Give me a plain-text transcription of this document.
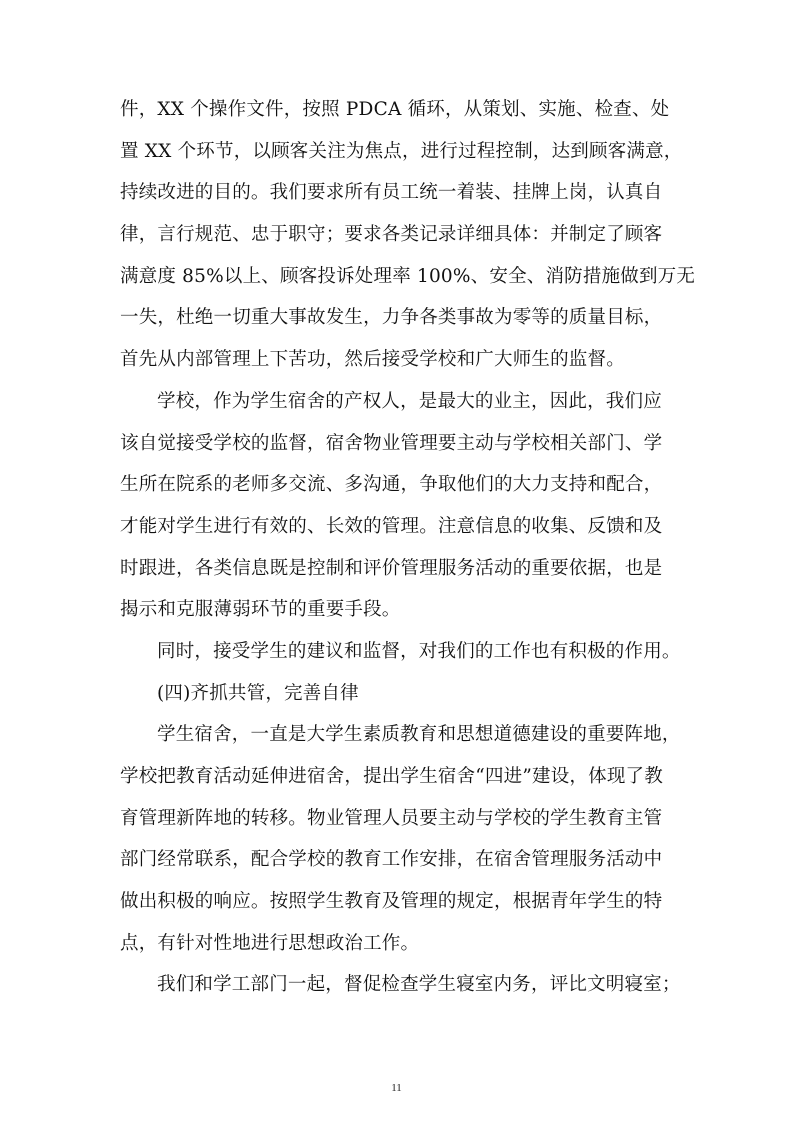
件，XX 个操作文件，按照 PDCA 循环，从策划、实施、检查、处
置 XX 个环节，以顾客关注为焦点，进行过程控制，达到顾客满意，
持续改进的目的。我们要求所有员工统一着装、挂牌上岗，认真自
律，言行规范、忠于职守；要求各类记录详细具体：并制定了顾客
满意度 85%以上、顾客投诉处理率 100%、安全、消防措施做到万无
一失，杜绝一切重大事故发生，力争各类事故为零等的质量目标，
首先从内部管理上下苦功，然后接受学校和广大师生的监督。
学校，作为学生宿舍的产权人，是最大的业主，因此，我们应
该自觉接受学校的监督，宿舍物业管理要主动与学校相关部门、学
生所在院系的老师多交流、多沟通，争取他们的大力支持和配合，
才能对学生进行有效的、长效的管理。注意信息的收集、反馈和及
时跟进，各类信息既是控制和评价管理服务活动的重要依据，也是
揭示和克服薄弱环节的重要手段。
同时，接受学生的建议和监督，对我们的工作也有积极的作用。
(四)齐抓共管，完善自律
学生宿舍，一直是大学生素质教育和思想道德建设的重要阵地，
学校把教育活动延伸进宿舍，提出学生宿舍“四进”建设，体现了教
育管理新阵地的转移。物业管理人员要主动与学校的学生教育主管
部门经常联系，配合学校的教育工作安排，在宿舍管理服务活动中
做出积极的响应。按照学生教育及管理的规定，根据青年学生的特
点，有针对性地进行思想政治工作。
我们和学工部门一起，督促检查学生寝室内务，评比文明寝室；
11
